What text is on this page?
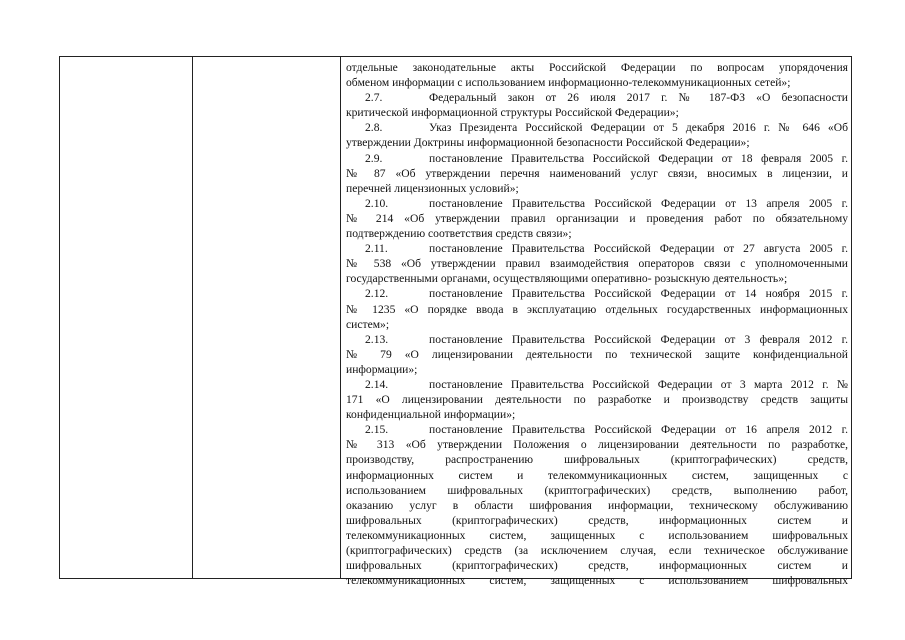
отдельные законодательные акты Российской Федерации по вопросам упорядочения
обменом информации с использованием информационно-телекоммуникационных сетей»;
2.7.	Федеральный закон от 26 июля 2017 г. № 187-ФЗ «О безопасности
критической информационной структуры Российской Федерации»;
2.8.	Указ Президента Российской Федерации от 5 декабря 2016 г. № 646 «Об
утверждении Доктрины информационной безопасности Российской Федерации»;
2.9.	постановление Правительства Российской Федерации от 18 февраля 2005 г.
№ 87 «Об утверждении перечня наименований услуг связи, вносимых в лицензии, и
перечней лицензионных условий»;
2.10.	постановление Правительства Российской Федерации от 13 апреля 2005 г.
№ 214 «Об утверждении правил организации и проведения работ по обязательному
подтверждению соответствия средств связи»;
2.11.	постановление Правительства Российской Федерации от 27 августа 2005 г.
№ 538 «Об утверждении правил взаимодействия операторов связи с уполномоченными
государственными органами, осуществляющими оперативно- розыскную деятельность»;
2.12.	постановление Правительства Российской Федерации от 14 ноября 2015 г.
№ 1235 «О порядке ввода в эксплуатацию отдельных государственных информационных
систем»;
2.13.	постановление Правительства Российской Федерации от 3 февраля 2012 г.
№ 79 «О лицензировании деятельности по технической защите конфиденциальной
информации»;
2.14.	постановление Правительства Российской Федерации от 3 марта 2012 г. №
171 «О лицензировании деятельности по разработке и производству средств защиты
конфиденциальной информации»;
2.15.	постановление Правительства Российской Федерации от 16 апреля 2012 г.
№ 313 «Об утверждении Положения о лицензировании деятельности по разработке,
производству, распространению шифровальных (криптографических) средств,
информационных систем и телекоммуникационных систем, защищенных с
использованием шифровальных (криптографических) средств, выполнению работ,
оказанию услуг в области шифрования информации, техническому обслуживанию
шифровальных (криптографических) средств, информационных систем и
телекоммуникационных систем, защищенных с использованием шифровальных
(криптографических) средств (за исключением случая, если техническое обслуживание
шифровальных (криптографических) средств, информационных систем и
телекоммуникационных систем, защищенных с использованием шифровальных
